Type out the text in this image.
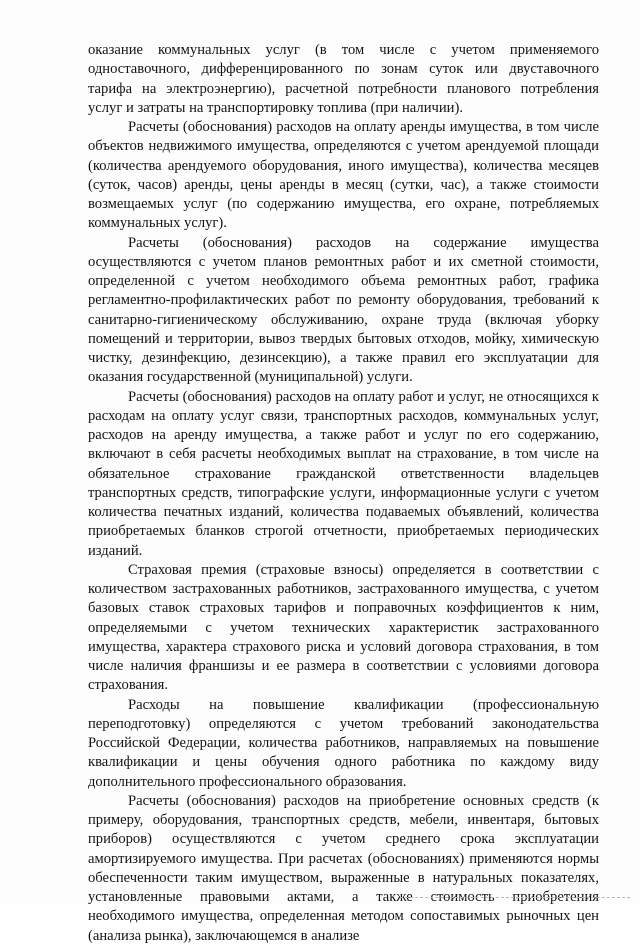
оказание коммунальных услуг (в том числе с учетом применяемого одноставочного, дифференцированного по зонам суток или двуставочного тарифа на электроэнергию), расчетной потребности планового потребления услуг и затраты на транспортировку топлива (при наличии).

Расчеты (обоснования) расходов на оплату аренды имущества, в том числе объектов недвижимого имущества, определяются с учетом арендуемой площади (количества арендуемого оборудования, иного имущества), количества месяцев (суток, часов) аренды, цены аренды в месяц (сутки, час), а также стоимости возмещаемых услуг (по содержанию имущества, его охране, потребляемых коммунальных услуг).

Расчеты (обоснования) расходов на содержание имущества осуществляются с учетом планов ремонтных работ и их сметной стоимости, определенной с учетом необходимого объема ремонтных работ, графика регламентно-профилактических работ по ремонту оборудования, требований к санитарно-гигиеническому обслуживанию, охране труда (включая уборку помещений и территории, вывоз твердых бытовых отходов, мойку, химическую чистку, дезинфекцию, дезинсекцию), а также правил его эксплуатации для оказания государственной (муниципальной) услуги.

Расчеты (обоснования) расходов на оплату работ и услуг, не относящихся к расходам на оплату услуг связи, транспортных расходов, коммунальных услуг, расходов на аренду имущества, а также работ и услуг по его содержанию, включают в себя расчеты необходимых выплат на страхование, в том числе на обязательное страхование гражданской ответственности владельцев транспортных средств, типографские услуги, информационные услуги с учетом количества печатных изданий, количества подаваемых объявлений, количества приобретаемых бланков строгой отчетности, приобретаемых периодических изданий.

Страховая премия (страховые взносы) определяется в соответствии с количеством застрахованных работников, застрахованного имущества, с учетом базовых ставок страховых тарифов и поправочных коэффициентов к ним, определяемыми с учетом технических характеристик застрахованного имущества, характера страхового риска и условий договора страхования, в том числе наличия франшизы и ее размера в соответствии с условиями договора страхования.

Расходы на повышение квалификации (профессиональную переподготовку) определяются с учетом требований законодательства Российской Федерации, количества работников, направляемых на повышение квалификации и цены обучения одного работника по каждому виду дополнительного профессионального образования.

Расчеты (обоснования) расходов на приобретение основных средств (к примеру, оборудования, транспортных средств, мебели, инвентаря, бытовых приборов) осуществляются с учетом среднего срока эксплуатации амортизируемого имущества. При расчетах (обоснованиях) применяются нормы обеспеченности таким имуществом, выраженные в натуральных показателях, установленные правовыми актами, а также стоимость приобретения необходимого имущества, определенная методом сопоставимых рыночных цен (анализа рынка), заключающемся в анализе
